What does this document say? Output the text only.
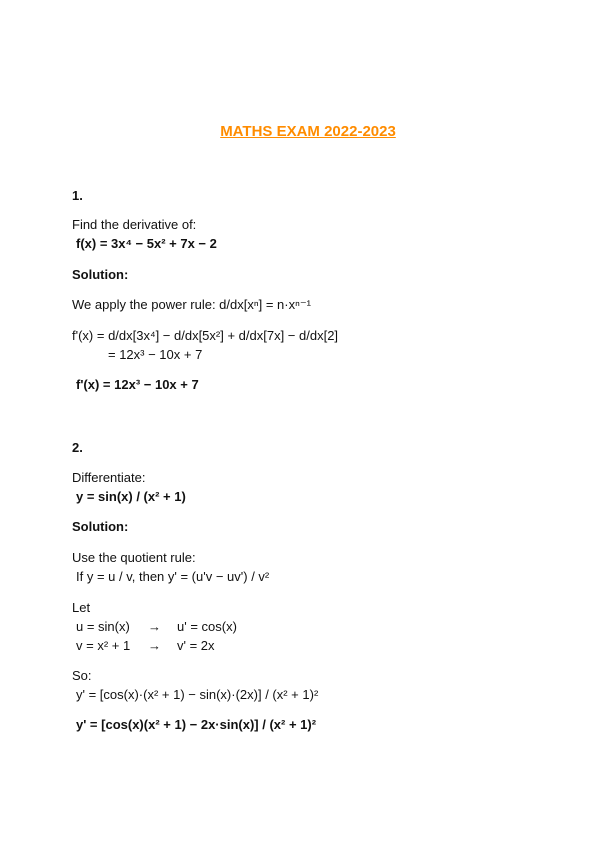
MATHS EXAM 2022-2023
1.
Find the derivative of:
f(x) = 3x⁴ − 5x² + 7x − 2
Solution:
We apply the power rule: d/dx[xⁿ] = n·xⁿ⁻¹
f'(x) = d/dx[3x⁴] − d/dx[5x²] + d/dx[7x] − d/dx[2]
= 12x³ − 10x + 7
f'(x) = 12x³ − 10x + 7
2.
Differentiate:
y = sin(x) / (x² + 1)
Solution:
Use the quotient rule:
If y = u / v, then y' = (u'v − uv') / v²
Let
u = sin(x) → u' = cos(x)
v = x² + 1 → v' = 2x
So:
y' = [cos(x)·(x² + 1) − sin(x)·(2x)] / (x² + 1)²
y' = [cos(x)(x² + 1) − 2x·sin(x)] / (x² + 1)²
